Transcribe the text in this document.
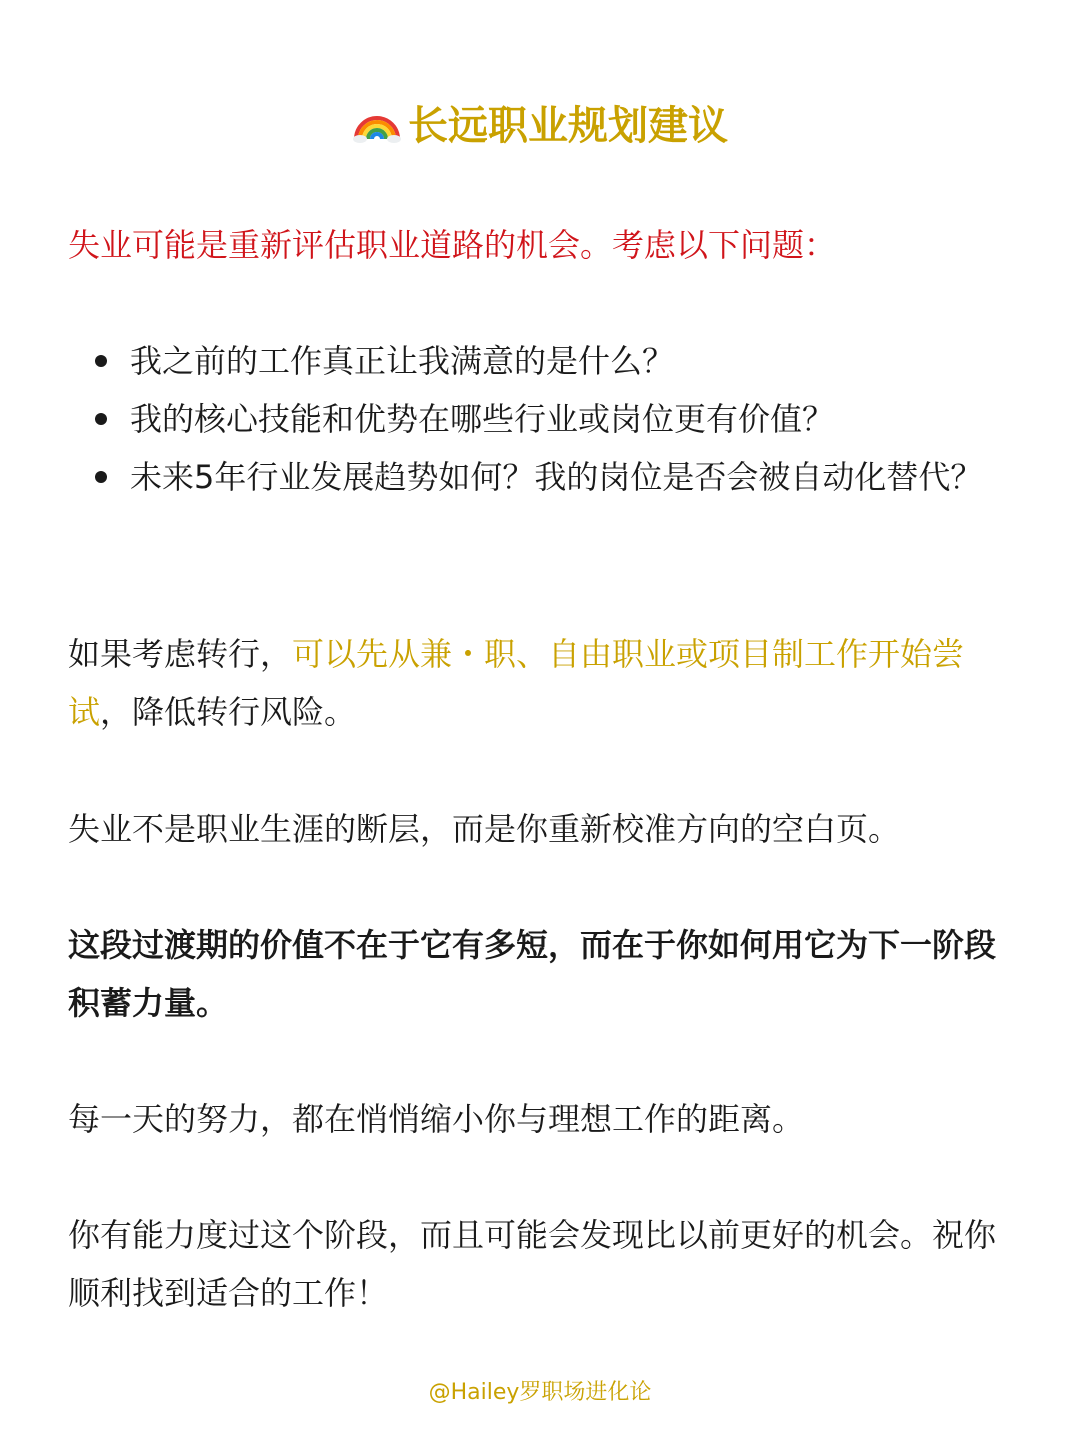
长远职业规划建议
失业可能是重新评估职业道路的机会。考虑以下问题：
我之前的工作真正让我满意的是什么？
我的核心技能和优势在哪些行业或岗位更有价值？
未来5年行业发展趋势如何？我的岗位是否会被自动化替代？
如果考虑转行，可以先从兼・职、自由职业或项目制工作开始尝试，降低转行风险。
失业不是职业生涯的断层，而是你重新校准方向的空白页。
这段过渡期的价值不在于它有多短，而在于你如何用它为下一阶段积蓄力量。
每一天的努力，都在悄悄缩小你与理想工作的距离。
你有能力度过这个阶段，而且可能会发现比以前更好的机会。祝你顺利找到适合的工作！
@Hailey罗职场进化论
